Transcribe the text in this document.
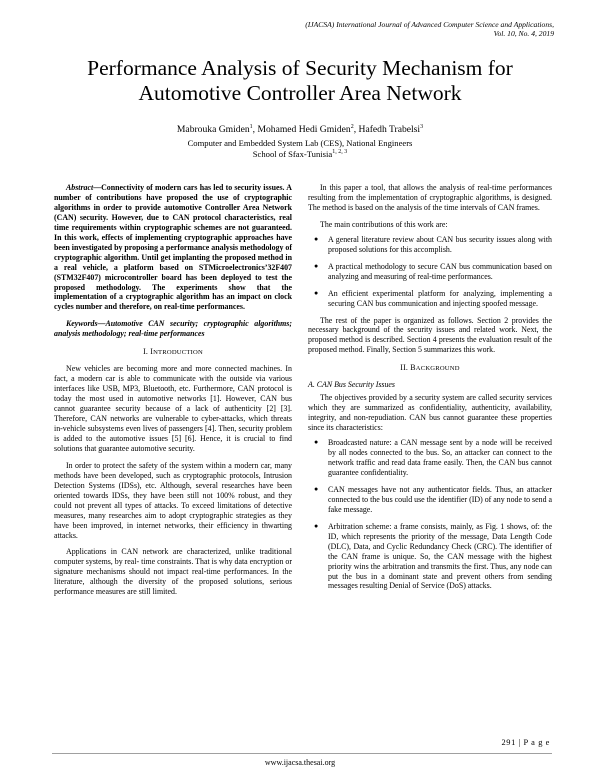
(IJACSA) International Journal of Advanced Computer Science and Applications,
Vol. 10, No. 4, 2019
Performance Analysis of Security Mechanism for
Automotive Controller Area Network
Mabrouka Gmiden$^1$, Mohamed Hedi Gmiden$^2$, Hafedh Trabelsi$^3$
Computer and Embedded System Lab (CES), National Engineers
School of Sfax-Tunisia$^{1, 2, 3}$

Abstract—Connectivity of modern cars has led to security issues. A number of contributions have proposed the use of cryptographic algorithms in order to provide automotive Controller Area Network (CAN) security. However, due to CAN protocol characteristics, real time requirements within cryptographic schemes are not guaranteed. In this work, effects of implementing cryptographic approaches have been investigated by proposing a performance analysis methodology of cryptographic algorithm. Until get implanting the proposed method in a real vehicle, a platform based on STMicroelectronics’32F407 (STM32F407) microcontroller board has been deployed to test the proposed methodology. The experiments show that the implementation of a cryptographic algorithm has an impact on clock cycles number and therefore, on real-time performances.

Keywords—Automotive CAN security; cryptographic algorithms; analysis methodology; real-time performances

I. INTRODUCTION

New vehicles are becoming more and more connected machines. In fact, a modern car is able to communicate with the outside via various interfaces like USB, MP3, Bluetooth, etc. Furthermore, CAN protocol is today the most used in automotive networks [1]. However, CAN bus cannot guarantee security because of a lack of authenticity [2] [3]. Therefore, CAN networks are vulnerable to cyber-attacks, which threats in-vehicle subsystems even lives of passengers [4]. Then, security problem is added to the automotive issues [5] [6]. Hence, it is crucial to find solutions that guarantee automotive security.

In order to protect the safety of the system within a modern car, many methods have been developed, such as cryptographic protocols, Intrusion Detection Systems (IDSs), etc. Although, several researches have been oriented towards IDSs, they have been still not 100% robust, and they could not prevent all types of attacks. To exceed limitations of detective measures, many researches aim to adopt cryptographic strategies as they have been improved, in internet networks, their efficiency in thwarting attacks.

Applications in CAN network are characterized, unlike traditional computer systems, by real- time constraints. That is why data encryption or signature mechanisms should not impact real-time performances. In the literature, although the diversity of the proposed solutions, serious performance measures are still limited.

In this paper a tool, that allows the analysis of real-time performances resulting from the implementation of cryptographic algorithms, is designed. The method is based on the analysis of the time intervals of CAN frames.

The main contributions of this work are:

● A general literature review about CAN bus security issues along with proposed solutions for this accomplish.
● A practical methodology to secure CAN bus communication based on analyzing and measuring of real-time performances.
● An efficient experimental platform for analyzing, implementing a securing CAN bus communication and injecting spoofed message.

The rest of the paper is organized as follows. Section 2 provides the necessary background of the security issues and related work. Next, the proposed method is described. Section 4 presents the evaluation result of the proposed method. Finally, Section 5 summarizes this work.

II. BACKGROUND
A. CAN Bus Security Issues

The objectives provided by a security system are called security services which they are summarized as confidentiality, authenticity, availability, integrity, and non-repudiation. CAN bus cannot guarantee these properties since its characteristics:

● Broadcasted nature: a CAN message sent by a node will be received by all nodes connected to the bus. So, an attacker can connect to the network traffic and read data frame easily. Then, the CAN bus cannot guarantee confidentiality.
● CAN messages have not any authenticator fields. Thus, an attacker connected to the bus could use the identifier (ID) of any node to send a fake message.
● Arbitration scheme: a frame consists, mainly, as Fig. 1 shows, of: the ID, which represents the priority of the message, Data Length Code (DLC), Data, and Cyclic Redundancy Check (CRC). The identifier of the CAN frame is unique. So, the CAN message with the highest priority wins the arbitration and transmits the first. Thus, any node can put the bus in a dominant state and prevent others from sending messages resulting Denial of Service (DoS) attacks.
291 | P a g e
www.ijacsa.thesai.org
